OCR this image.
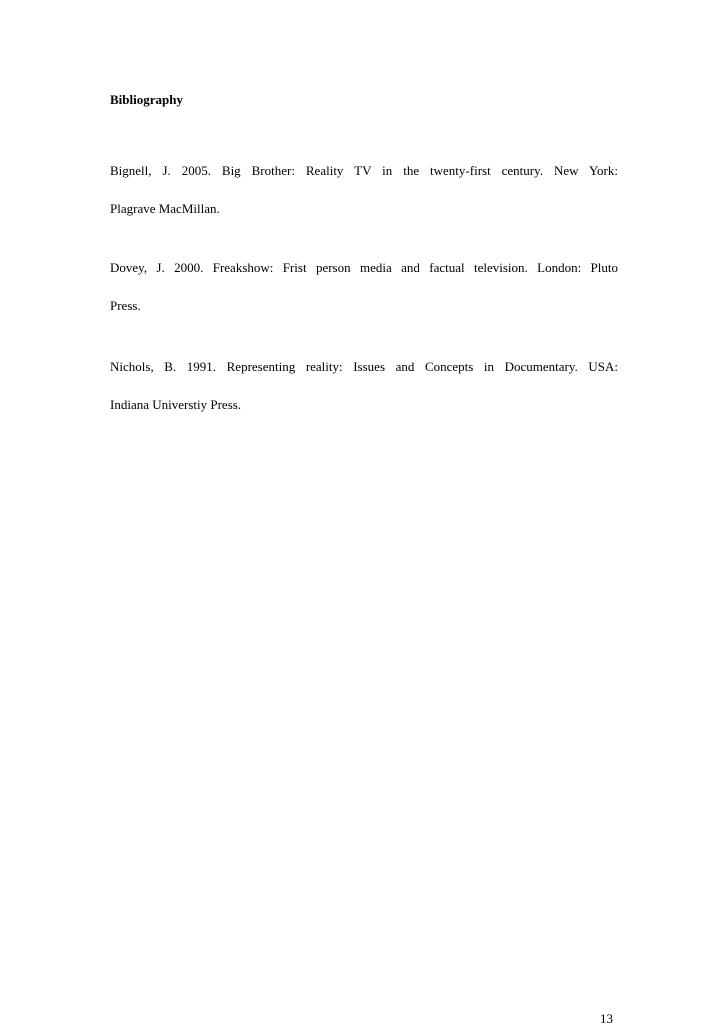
Bibliography
Bignell, J. 2005. Big Brother: Reality TV in the twenty-first century. New York:
Plagrave MacMillan.
Dovey, J. 2000. Freakshow: Frist person media and factual television. London: Pluto
Press.
Nichols, B. 1991. Representing reality: Issues and Concepts in Documentary. USA:
Indiana Universtiy Press.
13
